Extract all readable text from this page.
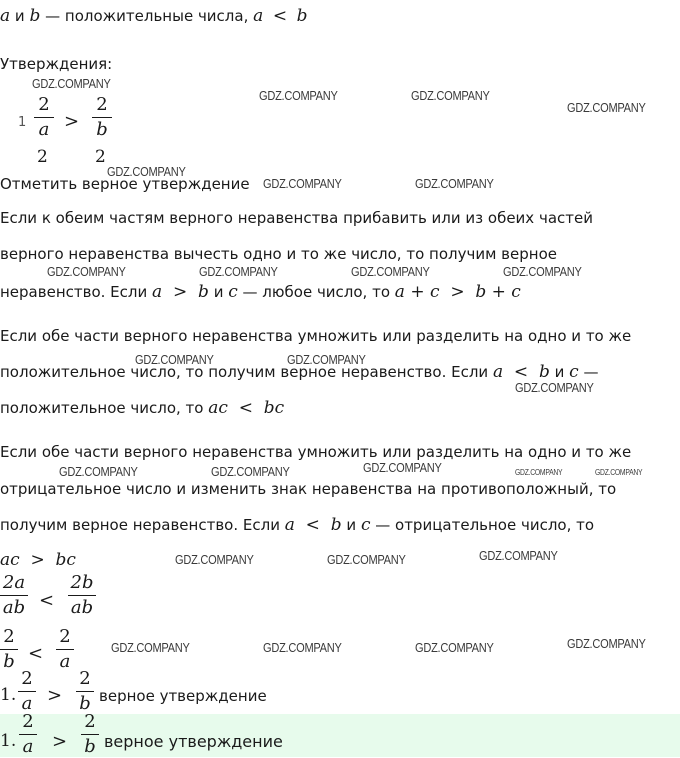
a и b — положительные числа, a < b
Утверждения:
1
2
a >
2
b
2	2
Отметить верное утверждение
Если к обеим частям верного неравенства прибавить или из обеих частей
верного неравенства вычесть одно и то же число, то получим верное
неравенство. Если a  >  b и c — любое число, то a + c  >  b + c
Если обе части верного неравенства умножить или разделить на одно и то же
положительное число, то получим верное неравенство. Если a  <  b и c —
положительное число, то ac  <  bc
Если обе части верного неравенства умножить или разделить на одно и то же
отрицательное число и изменить знак неравенства на противоположный, то
получим верное неравенство. Если a  <  b и c — отрицательное число, то
ac  >  bc
2a
ab <
2b
ab
2
b <
2
a
1.
2
a >
2
b верное утверждение
1.
2
a >
2
b верное утверждение
GDZ.COMPANY
GDZ.COMPANY	GDZ.COMPANY
GDZ.COMPANY
GDZ.COMPANY
GDZ.COMPANY	GDZ.COMPANY
GDZ.COMPANY	GDZ.COMPANY	GDZ.COMPANY	GDZ.COMPANY
GDZ.COMPANY	GDZ.COMPANY
GDZ.COMPANY
GDZ.COMPANY	GDZ.COMPANY	GDZ.COMPANY	GDZ.COMPANY	GDZ.COMPANY
GDZ.COMPANY	GDZ.COMPANY	GDZ.COMPANY
GDZ.COMPANY	GDZ.COMPANY	GDZ.COMPANY	GDZ.COMPANY
